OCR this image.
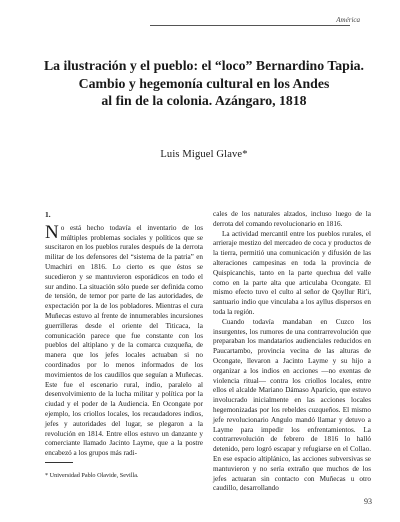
América
La ilustración y el pueblo: el “loco” Bernardino Tapia.
Cambio y hegemonía cultural en los Andes
al fin de la colonia. Azángaro, 1818
Luis Miguel Glave*
1.

No está hecho todavía el inventario de los múltiples problemas sociales y políticos que se suscitaron en los pueblos rurales después de la derrota militar de los defensores del “sistema de la patria” en Umachiri en 1816. Lo cierto es que éstos se sucedieron y se mantuvieron esporádicos en todo el sur andino. La situación sólo puede ser definida como de tensión, de temor por parte de las autoridades, de expectación por la de los pobladores. Mientras el cura Muñecas estuvo al frente de innumerables incursiones guerrilleras desde el oriente del Titicaca, la comunicación parece que fue constante con los pueblos del altiplano y de la comarca cuzqueña, de manera que los jefes locales actuaban si no coordinados por lo menos informados de los movimientos de los caudillos que seguían a Muñecas. Este fue el escenario rural, indio, paralelo al desenvolvimiento de la lucha militar y política por la ciudad y el poder de la Audiencia. En Ocongate por ejemplo, los criollos locales, los recaudadores indios, jefes y autoridades del lugar, se plegaron a la revolución en 1814. Entre ellos estuvo un danzante y comerciante llamado Jacinto Layme, que a la postre encabezó a los grupos más radi-

cales de los naturales alzados, incluso luego de la derrota del comando revolucionario en 1816.

La actividad mercantil entre los pueblos rurales, el arrieraje mestizo del mercadeo de coca y productos de la tierra, permitió una comunicación y difusión de las alteraciones campesinas en toda la provincia de Quispicanchis, tanto en la parte quechua del valle como en la parte alta que articulaba Ocongate. El mismo efecto tuvo el culto al señor de Qoyllur Rit'i, santuario indio que vinculaba a los ayllus dispersos en toda la región.

Cuando todavía mandaban en Cuzco los insurgentes, los rumores de una contrarrevolución que preparaban los mandatarios audienciales reducidos en Paucartambo, provincia vecina de las alturas de Ocongate, llevaron a Jacinto Layme y su hijo a organizar a los indios en acciones —no exentas de violencia ritual— contra los criollos locales, entre ellos el alcalde Mariano Dámaso Aparicio, que estuvo involucrado inicialmente en las acciones locales hegemonizadas por los rebeldes cuzqueños. El mismo jefe revolucionario Angulo mandó llamar y detuvo a Layme para impedir los enfrentamientos. La contrarrevolución de febrero de 1816 lo halló detenido, pero logró escapar y refugiarse en el Collao. En ese espacio altiplánico, las acciones subversivas se mantuvieron y no sería extraño que muchos de los jefes actuaran sin contacto con Muñecas u otro caudillo, desarrollando

* Universidad Pablo Olavide, Sevilla.
93
